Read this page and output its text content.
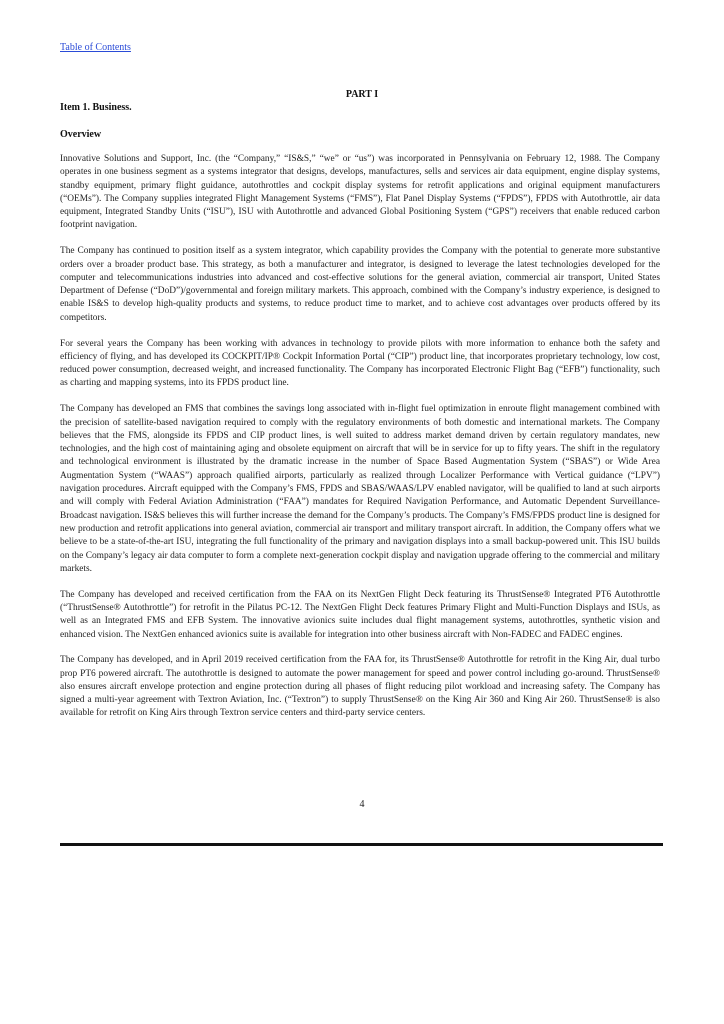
Table of Contents
PART I
Item 1. Business.
Overview

Innovative Solutions and Support, Inc. (the “Company,” “IS&S,” “we” or “us”) was incorporated in Pennsylvania on February 12, 1988. The Company operates in one business segment as a systems integrator that designs, develops, manufactures, sells and services air data equipment, engine display systems, standby equipment, primary flight guidance, autothrottles and cockpit display systems for retrofit applications and original equipment manufacturers (“OEMs”). The Company supplies integrated Flight Management Systems (“FMS”), Flat Panel Display Systems (“FPDS”), FPDS with Autothrottle, air data equipment, Integrated Standby Units (“ISU”), ISU with Autothrottle and advanced Global Positioning System (“GPS”) receivers that enable reduced carbon footprint navigation.

The Company has continued to position itself as a system integrator, which capability provides the Company with the potential to generate more substantive orders over a broader product base. This strategy, as both a manufacturer and integrator, is designed to leverage the latest technologies developed for the computer and telecommunications industries into advanced and cost-effective solutions for the general aviation, commercial air transport, United States Department of Defense (“DoD”)/governmental and foreign military markets. This approach, combined with the Company’s industry experience, is designed to enable IS&S to develop high-quality products and systems, to reduce product time to market, and to achieve cost advantages over products offered by its competitors.

For several years the Company has been working with advances in technology to provide pilots with more information to enhance both the safety and efficiency of flying, and has developed its COCKPIT/IP® Cockpit Information Portal (“CIP”) product line, that incorporates proprietary technology, low cost, reduced power consumption, decreased weight, and increased functionality. The Company has incorporated Electronic Flight Bag (“EFB”) functionality, such as charting and mapping systems, into its FPDS product line.

The Company has developed an FMS that combines the savings long associated with in-flight fuel optimization in enroute flight management combined with the precision of satellite-based navigation required to comply with the regulatory environments of both domestic and international markets. The Company believes that the FMS, alongside its FPDS and CIP product lines, is well suited to address market demand driven by certain regulatory mandates, new technologies, and the high cost of maintaining aging and obsolete equipment on aircraft that will be in service for up to fifty years. The shift in the regulatory and technological environment is illustrated by the dramatic increase in the number of Space Based Augmentation System (“SBAS”) or Wide Area Augmentation System (“WAAS”) approach qualified airports, particularly as realized through Localizer Performance with Vertical guidance (“LPV”) navigation procedures. Aircraft equipped with the Company’s FMS, FPDS and SBAS/WAAS/LPV enabled navigator, will be qualified to land at such airports and will comply with Federal Aviation Administration (“FAA”) mandates for Required Navigation Performance, and Automatic Dependent Surveillance-Broadcast navigation. IS&S believes this will further increase the demand for the Company’s products. The Company’s FMS/FPDS product line is designed for new production and retrofit applications into general aviation, commercial air transport and military transport aircraft. In addition, the Company offers what we believe to be a state-of-the-art ISU, integrating the full functionality of the primary and navigation displays into a small backup-powered unit. This ISU builds on the Company’s legacy air data computer to form a complete next-generation cockpit display and navigation upgrade offering to the commercial and military markets.

The Company has developed and received certification from the FAA on its NextGen Flight Deck featuring its ThrustSense® Integrated PT6 Autothrottle (“ThrustSense® Autothrottle”) for retrofit in the Pilatus PC-12. The NextGen Flight Deck features Primary Flight and Multi-Function Displays and ISUs, as well as an Integrated FMS and EFB System. The innovative avionics suite includes dual flight management systems, autothrottles, synthetic vision and enhanced vision. The NextGen enhanced avionics suite is available for integration into other business aircraft with Non-FADEC and FADEC engines.

The Company has developed, and in April 2019 received certification from the FAA for, its ThrustSense® Autothrottle for retrofit in the King Air, dual turbo prop PT6 powered aircraft. The autothrottle is designed to automate the power management for speed and power control including go-around. ThrustSense® also ensures aircraft envelope protection and engine protection during all phases of flight reducing pilot workload and increasing safety. The Company has signed a multi-year agreement with Textron Aviation, Inc. (“Textron”) to supply ThrustSense® on the King Air 360 and King Air 260. ThrustSense® is also available for retrofit on King Airs through Textron service centers and third-party service centers.

4
